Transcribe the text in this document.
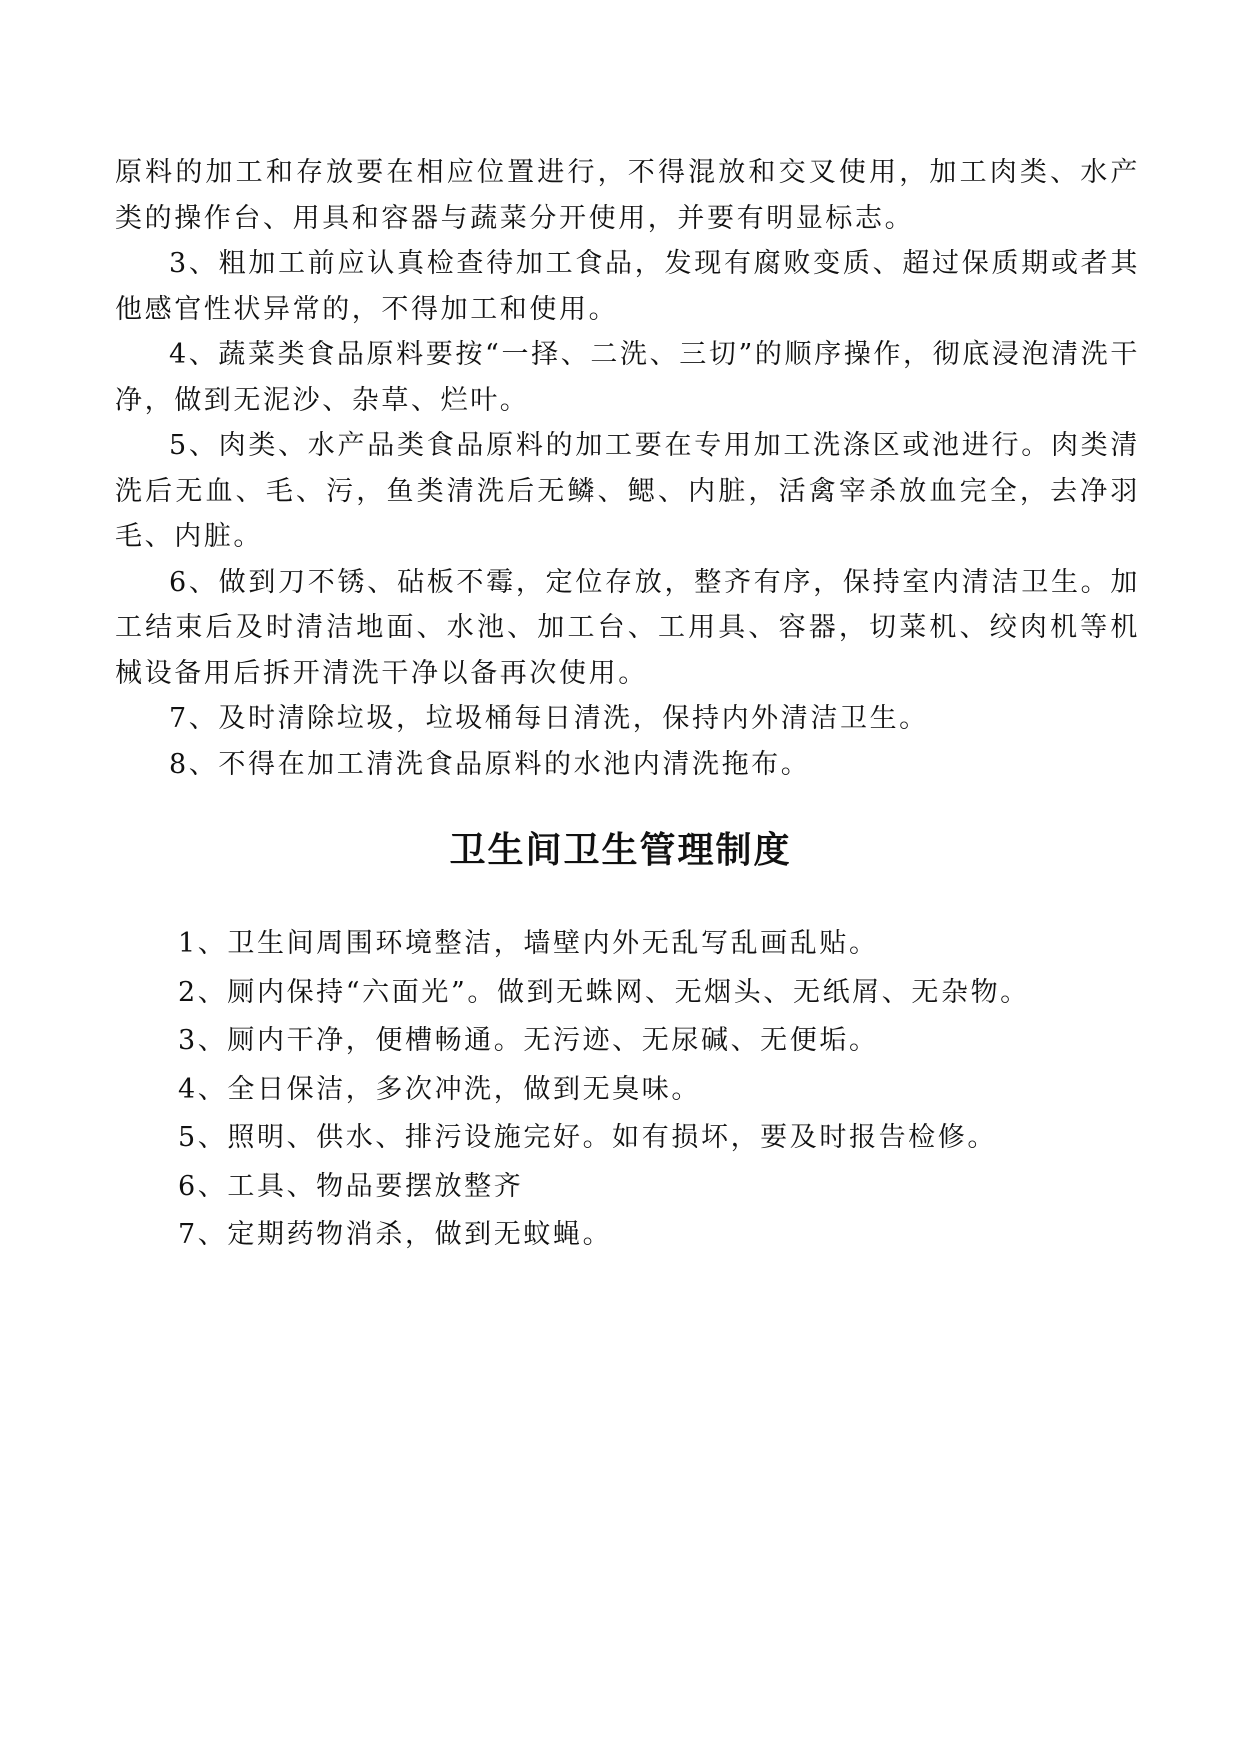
原料的加工和存放要在相应位置进行，不得混放和交叉使用，加工肉类、水产类的操作台、用具和容器与蔬菜分开使用，并要有明显标志。

3、粗加工前应认真检查待加工食品，发现有腐败变质、超过保质期或者其他感官性状异常的，不得加工和使用。

4、蔬菜类食品原料要按“一择、二洗、三切”的顺序操作，彻底浸泡清洗干净，做到无泥沙、杂草、烂叶。

5、肉类、水产品类食品原料的加工要在专用加工洗涤区或池进行。肉类清洗后无血、毛、污，鱼类清洗后无鳞、鳃、内脏，活禽宰杀放血完全，去净羽毛、内脏。

6、做到刀不锈、砧板不霉，定位存放，整齐有序，保持室内清洁卫生。加工结束后及时清洁地面、水池、加工台、工用具、容器，切菜机、绞肉机等机械设备用后拆开清洗干净以备再次使用。

7、及时清除垃圾，垃圾桶每日清洗，保持内外清洁卫生。

8、不得在加工清洗食品原料的水池内清洗拖布。

卫生间卫生管理制度

1、卫生间周围环境整洁，墙壁内外无乱写乱画乱贴。

2、厕内保持“六面光”。做到无蛛网、无烟头、无纸屑、无杂物。

3、厕内干净，便槽畅通。无污迹、无尿碱、无便垢。

4、全日保洁，多次冲洗，做到无臭味。

5、照明、供水、排污设施完好。如有损坏，要及时报告检修。

6、工具、物品要摆放整齐

7、定期药物消杀，做到无蚊蝇。
